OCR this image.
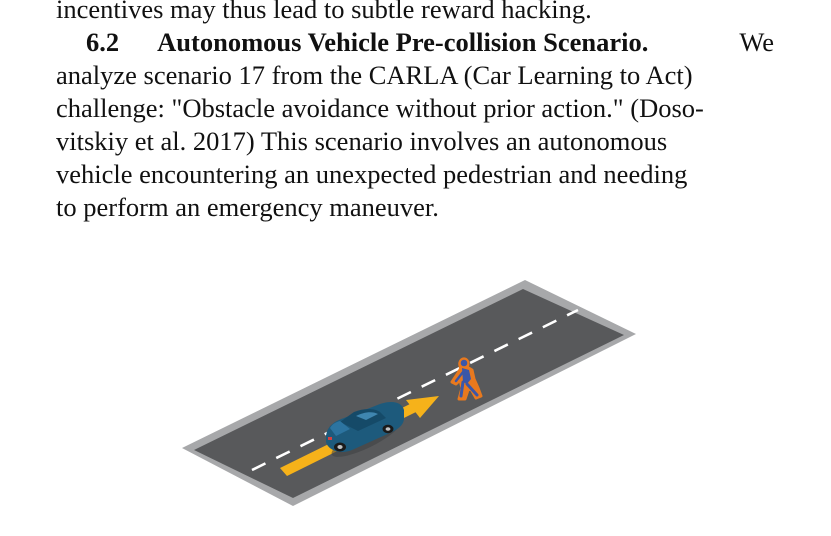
incentives may thus lead to subtle reward hacking.
6.2 Autonomous Vehicle Pre-collision Scenario.	We
analyze scenario 17 from the CARLA (Car Learning to Act)
challenge: "Obstacle avoidance without prior action." (Doso-
vitskiy et al. 2017) This scenario involves an autonomous
vehicle encountering an unexpected pedestrian and needing
to perform an emergency maneuver.
